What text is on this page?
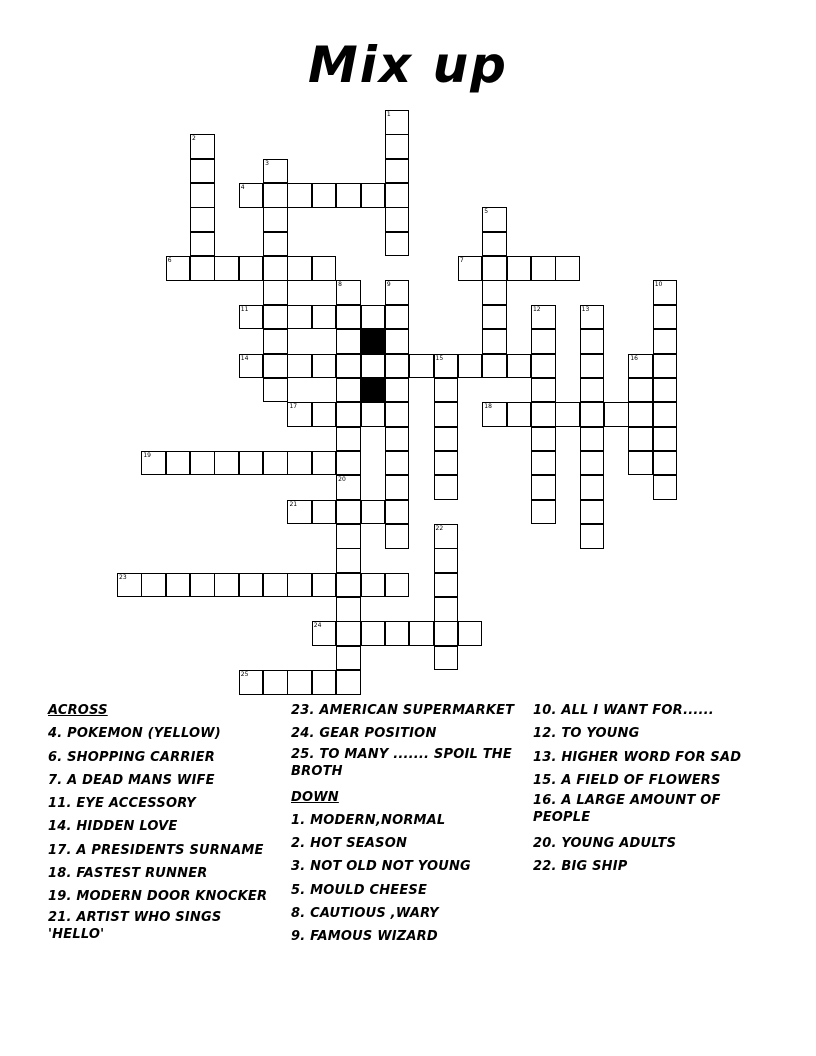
Mix up
1
2
3
4
5
6	7
8	9	10
11	12	13
14	15	16
17	18
19
20
21
22
23
24
25
ACROSS
4. POKEMON (YELLOW)
6. SHOPPING CARRIER
7. A DEAD MANS WIFE
11. EYE ACCESSORY
14. HIDDEN LOVE
17. A PRESIDENTS SURNAME
18. FASTEST RUNNER
19. MODERN DOOR KNOCKER
21. ARTIST WHO SINGS 'HELLO'
23. AMERICAN SUPERMARKET
24. GEAR POSITION
25. TO MANY ....... SPOIL THE BROTH
DOWN
1. MODERN,NORMAL
2. HOT SEASON
3. NOT OLD NOT YOUNG
5. MOULD CHEESE
8. CAUTIOUS ,WARY
9. FAMOUS WIZARD
10. ALL I WANT FOR......
12. TO YOUNG
13. HIGHER WORD FOR SAD
15. A FIELD OF FLOWERS
16. A LARGE AMOUNT OF PEOPLE
20. YOUNG ADULTS
22. BIG SHIP
